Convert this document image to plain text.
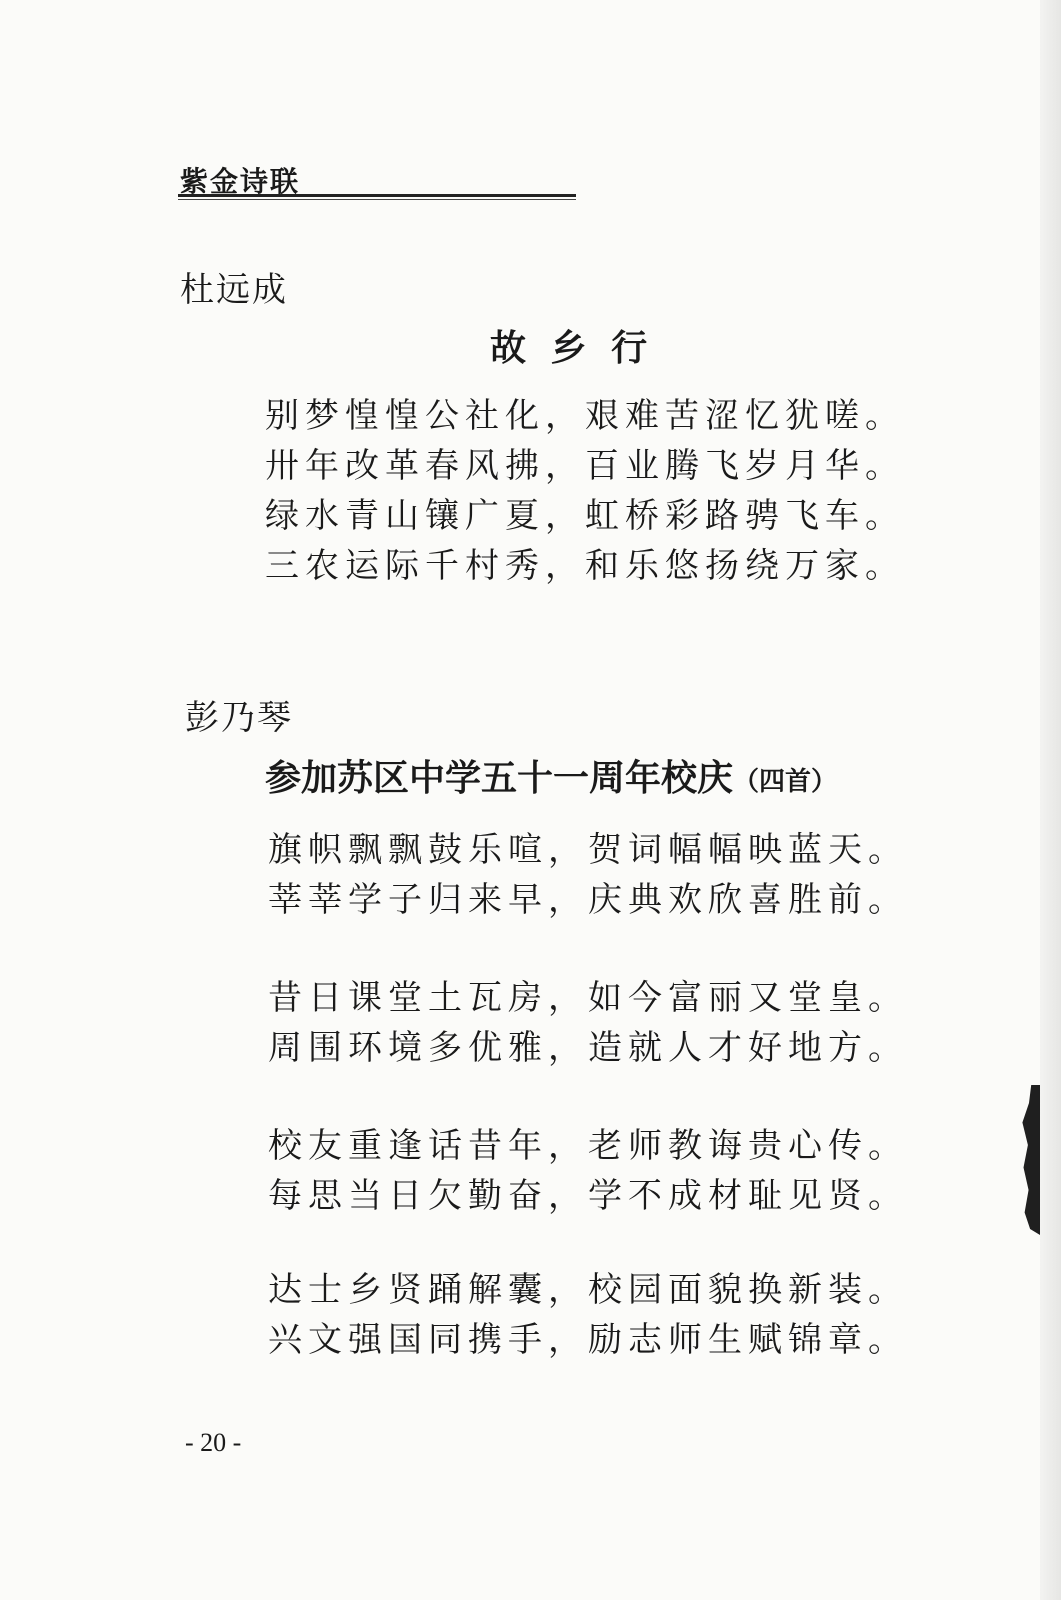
紫金诗联
杜远成
故 乡 行
别梦惶惶公社化，艰难苦涩忆犹嗟。
卅年改革春风拂，百业腾飞岁月华。
绿水青山镶广夏，虹桥彩路骋飞车。
三农运际千村秀，和乐悠扬绕万家。
彭乃琴
参加苏区中学五十一周年校庆（四首）
旗帜飘飘鼓乐喧，贺词幅幅映蓝天。
莘莘学子归来早，庆典欢欣喜胜前。
昔日课堂土瓦房，如今富丽又堂皇。
周围环境多优雅，造就人才好地方。
校友重逢话昔年，老师教诲贵心传。
每思当日欠勤奋，学不成材耻见贤。
达士乡贤踊解囊，校园面貌换新装。
兴文强国同携手，励志师生赋锦章。
- 20 -
